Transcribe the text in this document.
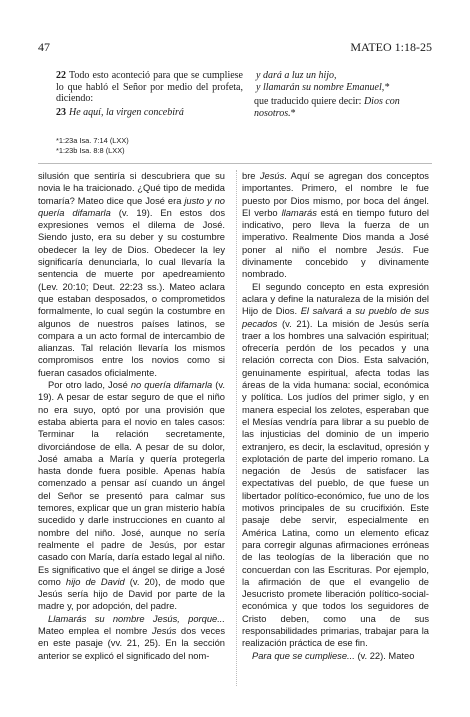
47	MATEO 1:18-25

22 Todo esto aconteció para que se cumpliese lo que habló el Señor por medio del profeta, diciendo:

23 He aquí, la virgen concebirá

y dará a luz un hijo,

y llamarán su nombre Emanuel,*

que traducido quiere decir: Dios con nosotros.*

*1:23a Isa. 7:14 (LXX)
*1:23b Isa. 8:8 (LXX)

silusión que sentiría si descubriera que su novia le ha traicionado. ¿Qué tipo de medida tomaría? Mateo dice que José era justo y no quería difamarla (v. 19). En estos dos expresiones vemos el dilema de José. Siendo justo, era su deber y su costumbre obedecer la ley de Dios. Obedecer la ley significaría denunciarla, lo cual llevaría la sentencia de muerte por apedreamiento (Lev. 20:10; Deut. 22:23 ss.). Mateo aclara que estaban desposados, o comprometidos formalmente, lo cual según la costumbre en algunos de nuestros países latinos, se compara a un acto formal de intercambio de alianzas. Tal relación llevaría los mismos compromisos entre los novios como si fueran casados oficialmente.

Por otro lado, José no quería difamarla (v. 19). A pesar de estar seguro de que el niño no era suyo, optó por una provisión que estaba abierta para el novio en tales casos: Terminar la relación secretamente, divorciándose de ella. A pesar de su dolor, José amaba a María y quería protegerla hasta donde fuera posible. Apenas había comenzado a pensar así cuando un ángel del Señor se presentó para calmar sus temores, explicar que un gran misterio había sucedido y darle instrucciones en cuanto al nombre del niño. José, aunque no sería realmente el padre de Jesús, por estar casado con María, daría estado legal al niño. Es significativo que el ángel se dirige a José como hijo de David (v. 20), de modo que Jesús sería hijo de David por parte de la madre y, por adopción, del padre.

Llamarás su nombre Jesús, porque... Mateo emplea el nombre Jesús dos veces en este pasaje (vv. 21, 25). En la sección anterior se explicó el significado del nom-

bre Jesús. Aquí se agregan dos conceptos importantes. Primero, el nombre le fue puesto por Dios mismo, por boca del ángel. El verbo llamarás está en tiempo futuro del indicativo, pero lleva la fuerza de un imperativo. Realmente Dios manda a José poner al niño el nombre Jesús. Fue divinamente concebido y divinamente nombrado.

El segundo concepto en esta expresión aclara y define la naturaleza de la misión del Hijo de Dios. El salvará a su pueblo de sus pecados (v. 21). La misión de Jesús sería traer a los hombres una salvación espiritual; ofrecería perdón de los pecados y una relación correcta con Dios. Esta salvación, genuinamente espiritual, afecta todas las áreas de la vida humana: social, económica y política. Los judíos del primer siglo, y en manera especial los zelotes, esperaban que el Mesías vendría para librar a su pueblo de las injusticias del dominio de un imperio extranjero, es decir, la esclavitud, opresión y explotación de parte del imperio romano. La negación de Jesús de satisfacer las expectativas del pueblo, de que fuese un libertador político-económico, fue uno de los motivos principales de su crucifixión. Este pasaje debe servir, especialmente en América Latina, como un elemento eficaz para corregir algunas afirmaciones erróneas de las teologías de la liberación que no concuerdan con las Escrituras. Por ejemplo, la afirmación de que el evangelio de Jesucristo promete liberación político-social-económica y que todos los seguidores de Cristo deben, como una de sus responsabilidades primarias, trabajar para la realización práctica de ese fin.

Para que se cumpliese... (v. 22). Mateo
